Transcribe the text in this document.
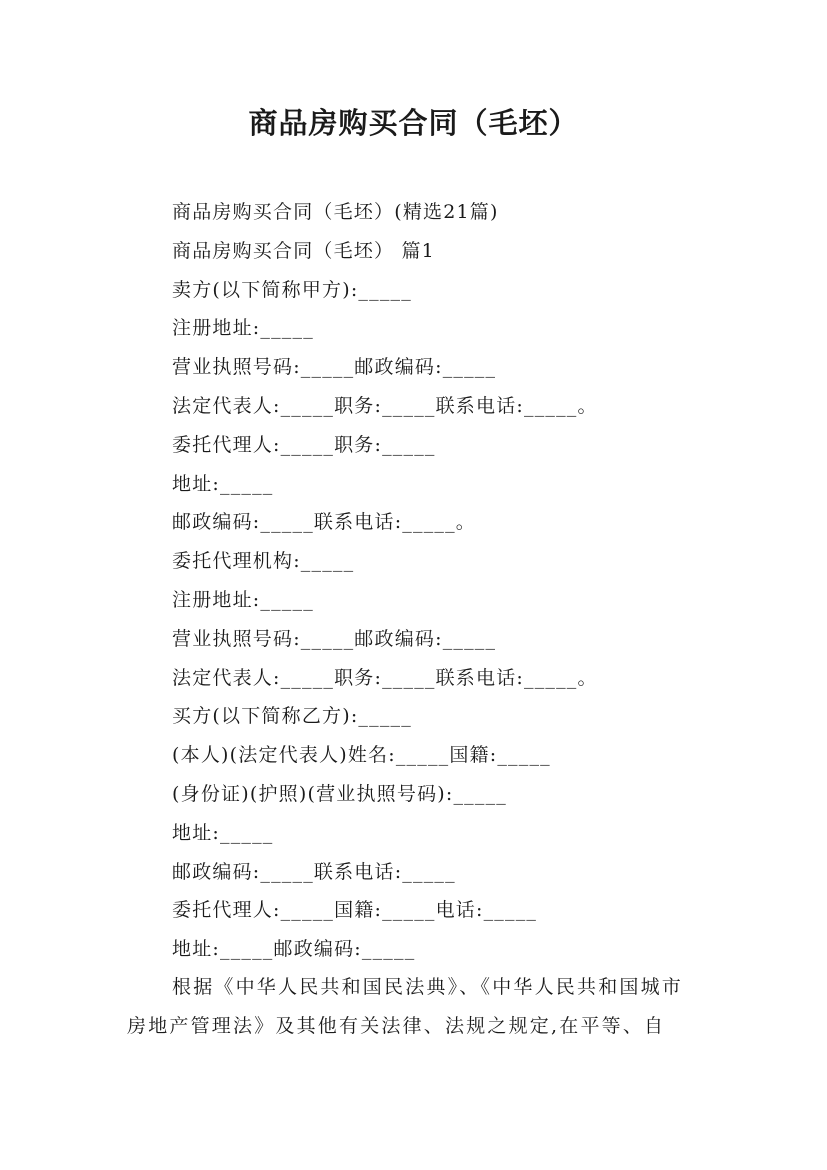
商品房购买合同（毛坯）
商品房购买合同（毛坯）(精选21篇)
商品房购买合同（毛坯） 篇1
卖方(以下简称甲方):_____
注册地址:_____
营业执照号码:_____邮政编码:_____
法定代表人:_____职务:_____联系电话:_____。
委托代理人:_____职务:_____
地址:_____
邮政编码:_____联系电话:_____。
委托代理机构:_____
注册地址:_____
营业执照号码:_____邮政编码:_____
法定代表人:_____职务:_____联系电话:_____。
买方(以下简称乙方):_____
(本人)(法定代表人)姓名:_____国籍:_____
(身份证)(护照)(营业执照号码):_____
地址:_____
邮政编码:_____联系电话:_____
委托代理人:_____国籍:_____电话:_____
地址:_____邮政编码:_____
根据《中华人民共和国民法典》、《中华人民共和国城市
房地产管理法》及其他有关法律、法规之规定,在平等、自
